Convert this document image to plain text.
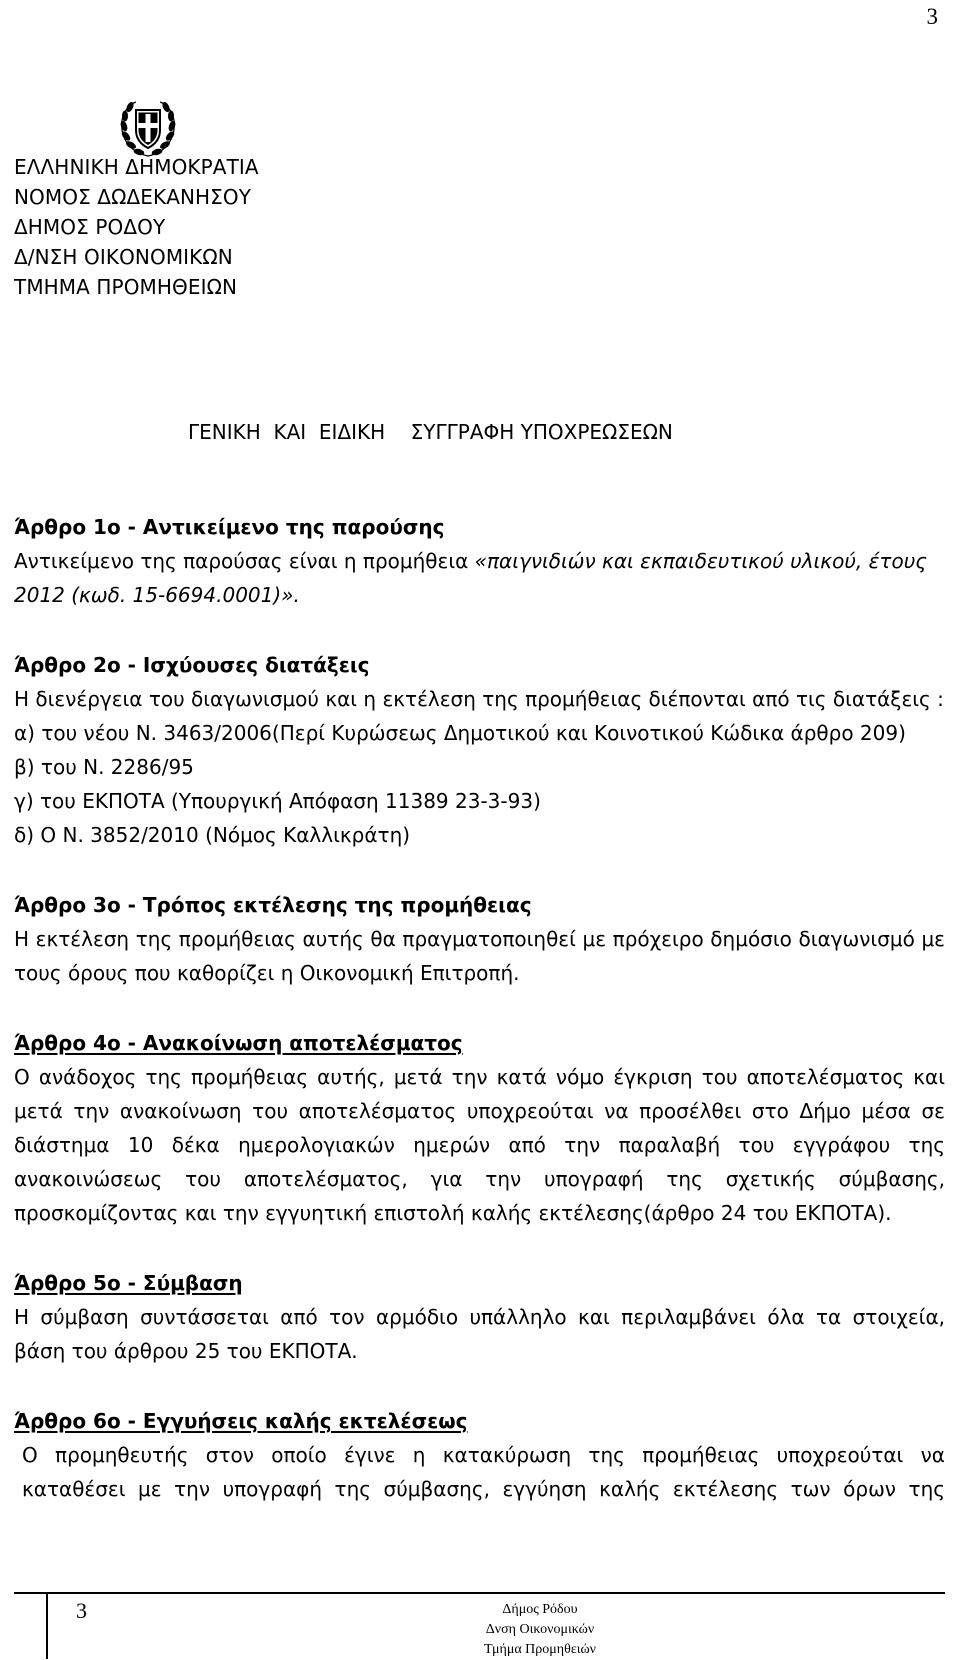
3
ΕΛΛΗΝΙΚΗ ΔΗΜΟΚΡΑΤΙΑ
ΝΟΜΟΣ ΔΩΔΕΚΑΝΗΣΟΥ
ΔΗΜΟΣ ΡΟΔΟΥ
Δ/ΝΣΗ ΟΙΚΟΝΟΜΙΚΩΝ
ΤΜΗΜΑ ΠΡΟΜΗΘΕΙΩΝ
ΓΕΝΙΚΗ  ΚΑΙ  ΕΙΔΙΚΗ    ΣΥΓΓΡΑΦΗ ΥΠΟΧΡΕΩΣΕΩΝ
Άρθρο 1ο - Αντικείμενο της παρούσης
Αντικείμενο της παρούσας είναι η προμήθεια «παιγνιδιών και εκπαιδευτικού υλικού, έτους 2012 (κωδ. 15-6694.0001)».
Άρθρο 2ο - Ισχύουσες διατάξεις
Η διενέργεια του διαγωνισμού και η εκτέλεση της προμήθειας διέπονται από τις διατάξεις :
α) του νέου Ν. 3463/2006(Περί Κυρώσεως Δημοτικού και Κοινοτικού Κώδικα άρθρο 209)
β) του Ν. 2286/95
γ) του ΕΚΠΟΤΑ (Υπουργική Απόφαση 11389 23-3-93)
δ) Ο Ν. 3852/2010 (Νόμος Καλλικράτη)
Άρθρο 3ο - Τρόπος εκτέλεσης της προμήθειας
Η εκτέλεση της προμήθειας αυτής θα πραγματοποιηθεί με πρόχειρο δημόσιο διαγωνισμό με τους όρους που καθορίζει η Οικονομική Επιτροπή.
Άρθρο 4ο - Ανακοίνωση αποτελέσματος
Ο ανάδοχος της προμήθειας αυτής, μετά την κατά νόμο έγκριση του αποτελέσματος και μετά την ανακοίνωση του αποτελέσματος υποχρεούται να προσέλθει στο Δήμο μέσα σε διάστημα 10 δέκα ημερολογιακών ημερών από την παραλαβή του εγγράφου της ανακοινώσεως του αποτελέσματος, για την υπογραφή της σχετικής σύμβασης, προσκομίζοντας και την εγγυητική επιστολή καλής εκτέλεσης(άρθρο 24 του ΕΚΠΟΤΑ).
Άρθρο 5ο - Σύμβαση
Η σύμβαση συντάσσεται από τον αρμόδιο υπάλληλο και περιλαμβάνει όλα τα στοιχεία, βάση του άρθρου 25 του ΕΚΠΟΤΑ.
Άρθρο 6ο - Εγγυήσεις καλής εκτελέσεως
Ο προμηθευτής στον οποίο έγινε η κατακύρωση της προμήθειας υποχρεούται να καταθέσει με την υπογραφή της σύμβασης, εγγύηση καλής εκτέλεσης των όρων της
3	Δήμος Ρόδου
Δνση Οικονομικών
Τμήμα Προμηθειών
